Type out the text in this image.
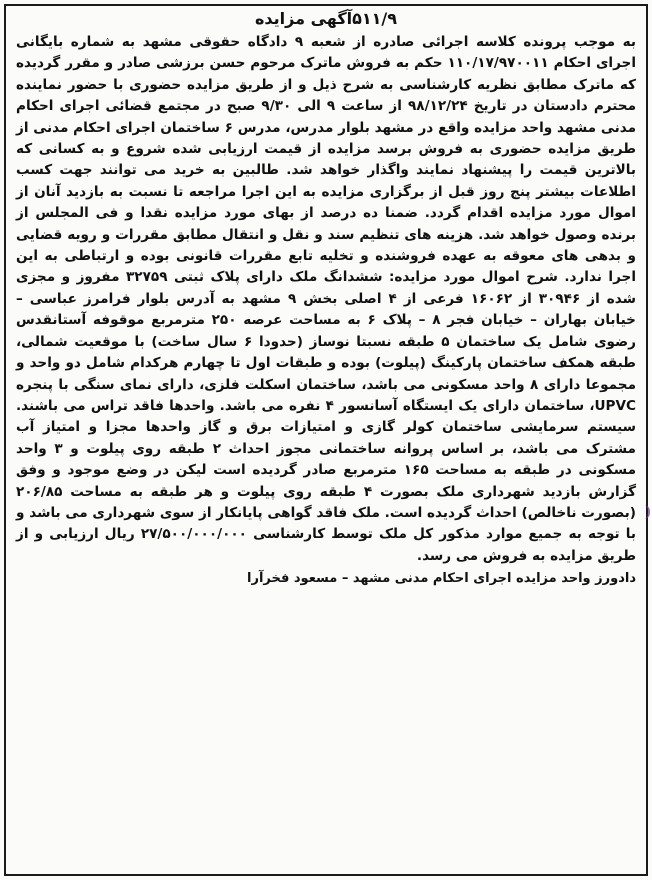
۵۱۱/۹آگهی مزایده

به موجب پرونده کلاسه اجرائی صادره از شعبه ۹ دادگاه حقوقی مشهد به شماره بایگانی اجرای احکام ۱۱۰/۱۷/۹۷۰۰۱۱ حکم به فروش ماترک مرحوم حسن برزشی صادر و مقرر گردیده که ماترک مطابق نظریه کارشناسی به شرح ذیل و از طریق مزایده حضوری با حضور نماینده محترم دادستان در تاریخ ۹۸/۱۲/۲۴ از ساعت ۹ الی ۹/۳۰ صبح در مجتمع قضائی اجرای احکام مدنی مشهد واحد مزایده واقع در مشهد بلوار مدرس، مدرس ۶ ساختمان اجرای احکام مدنی از طریق مزایده حضوری به فروش برسد مزایده از قیمت ارزیابی شده شروع و به کسانی که بالاترین قیمت را پیشنهاد نمایند واگذار خواهد شد. طالبین به خرید می توانند جهت کسب اطلاعات بیشتر پنج روز قبل از برگزاری مزایده به این اجرا مراجعه تا نسبت به بازدید آنان از اموال مورد مزایده اقدام گردد. ضمنا ده درصد از بهای مورد مزایده نقدا و فی المجلس از برنده وصول خواهد شد. هزینه های تنظیم سند و نقل و انتقال مطابق مقررات و رویه قضایی و بدهی های معوقه به عهده فروشنده و تخلیه تابع مقررات قانونی بوده و ارتباطی به این اجرا ندارد. شرح اموال مورد مزایده: ششدانگ ملک دارای پلاک ثبتی ۳۲۷۵۹ مفروز و مجزی شده از ۳۰۹۴۶ از ۱۶۰۶۲ فرعی از ۴ اصلی بخش ۹ مشهد به آدرس بلوار فرامرز عباسی – خیابان بهاران – خیابان فجر ۸ – پلاک ۶ به مساحت عرصه ۲۵۰ مترمربع موقوفه آستانقدس رضوی شامل یک ساختمان ۵ طبقه نسبتا نوساز (حدودا ۶ سال ساخت) با موقعیت شمالی، طبقه همکف ساختمان پارکینگ (پیلوت) بوده و طبقات اول تا چهارم هرکدام شامل دو واحد و مجموعا دارای ۸ واحد مسکونی می باشد، ساختمان اسکلت فلزی، دارای نمای سنگی با پنجره UPVC، ساختمان دارای یک ایستگاه آسانسور ۴ نفره می باشد. واحدها فاقد تراس می باشند. سیستم سرمایشی ساختمان کولر گازی و امتیازات برق و گاز واحدها مجزا و امتیاز آب مشترک می باشد، بر اساس پروانه ساختمانی مجوز احداث ۲ طبقه روی پیلوت و ۳ واحد مسکونی در طبقه به مساحت ۱۶۵ مترمربع صادر گردیده است لیکن در وضع موجود و وفق گزارش بازدید شهرداری ملک بصورت ۴ طبقه روی پیلوت و هر طبقه به مساحت ۲۰۶/۸۵ (بصورت ناخالص) احداث گردیده است. ملک فاقد گواهی پایانکار از سوی شهرداری می باشد و با توجه به جمیع موارد مذکور کل ملک توسط کارشناسی ۲۷/۵۰۰/۰۰۰/۰۰۰ ریال ارزیابی و از طریق مزایده به فروش می رسد.

دادورز واحد مزایده اجرای احکام مدنی مشهد – مسعود فخرآرا
